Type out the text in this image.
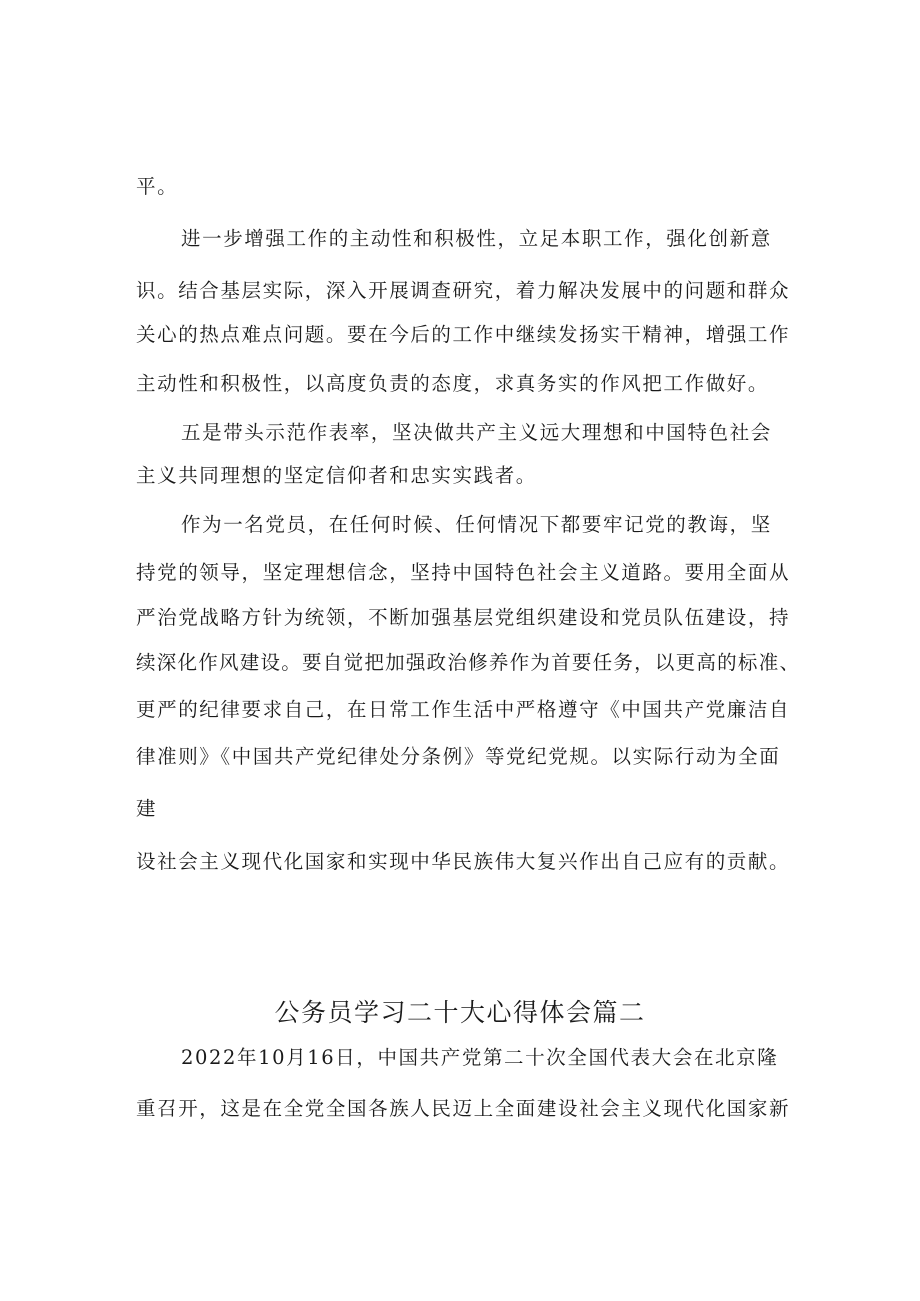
平。
进一步增强工作的主动性和积极性，立足本职工作，强化创新意
识。结合基层实际，深入开展调查研究，着力解决发展中的问题和群众
关心的热点难点问题。要在今后的工作中继续发扬实干精神，增强工作
主动性和积极性，以高度负责的态度，求真务实的作风把工作做好。
五是带头示范作表率，坚决做共产主义远大理想和中国特色社会
主义共同理想的坚定信仰者和忠实实践者。
作为一名党员，在任何时候、任何情况下都要牢记党的教诲，坚
持党的领导，坚定理想信念，坚持中国特色社会主义道路。要用全面从
严治党战略方针为统领，不断加强基层党组织建设和党员队伍建设，持
续深化作风建设。要自觉把加强政治修养作为首要任务，以更高的标准、
更严的纪律要求自己，在日常工作生活中严格遵守《中国共产党廉洁自
律准则》《中国共产党纪律处分条例》等党纪党规。以实际行动为全面
建
设社会主义现代化国家和实现中华民族伟大复兴作出自己应有的贡献。
公务员学习二十大心得体会篇二
2022年10月16日，中国共产党第二十次全国代表大会在北京隆
重召开，这是在全党全国各族人民迈上全面建设社会主义现代化国家新
